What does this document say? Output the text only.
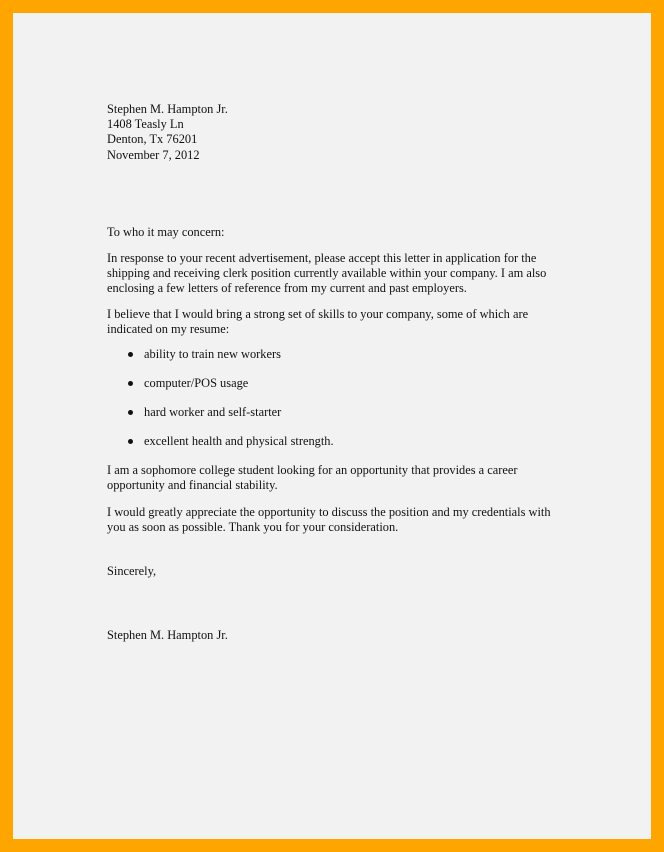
Stephen M. Hampton Jr.
1408 Teasly Ln
Denton, Tx 76201
November 7, 2012
To who it may concern:
In response to your recent advertisement, please accept this letter in application for the
shipping and receiving clerk position currently available within your company. I am also
enclosing a few letters of reference from my current and past employers.
I believe that I would bring a strong set of skills to your company, some of which are
indicated on my resume:
ability to train new workers
computer/POS usage
hard worker and self-starter
excellent health and physical strength.
I am a sophomore college student looking for an opportunity that provides a career
opportunity and financial stability.
I would greatly appreciate the opportunity to discuss the position and my credentials with
you as soon as possible. Thank you for your consideration.
Sincerely,
Stephen M. Hampton Jr.
